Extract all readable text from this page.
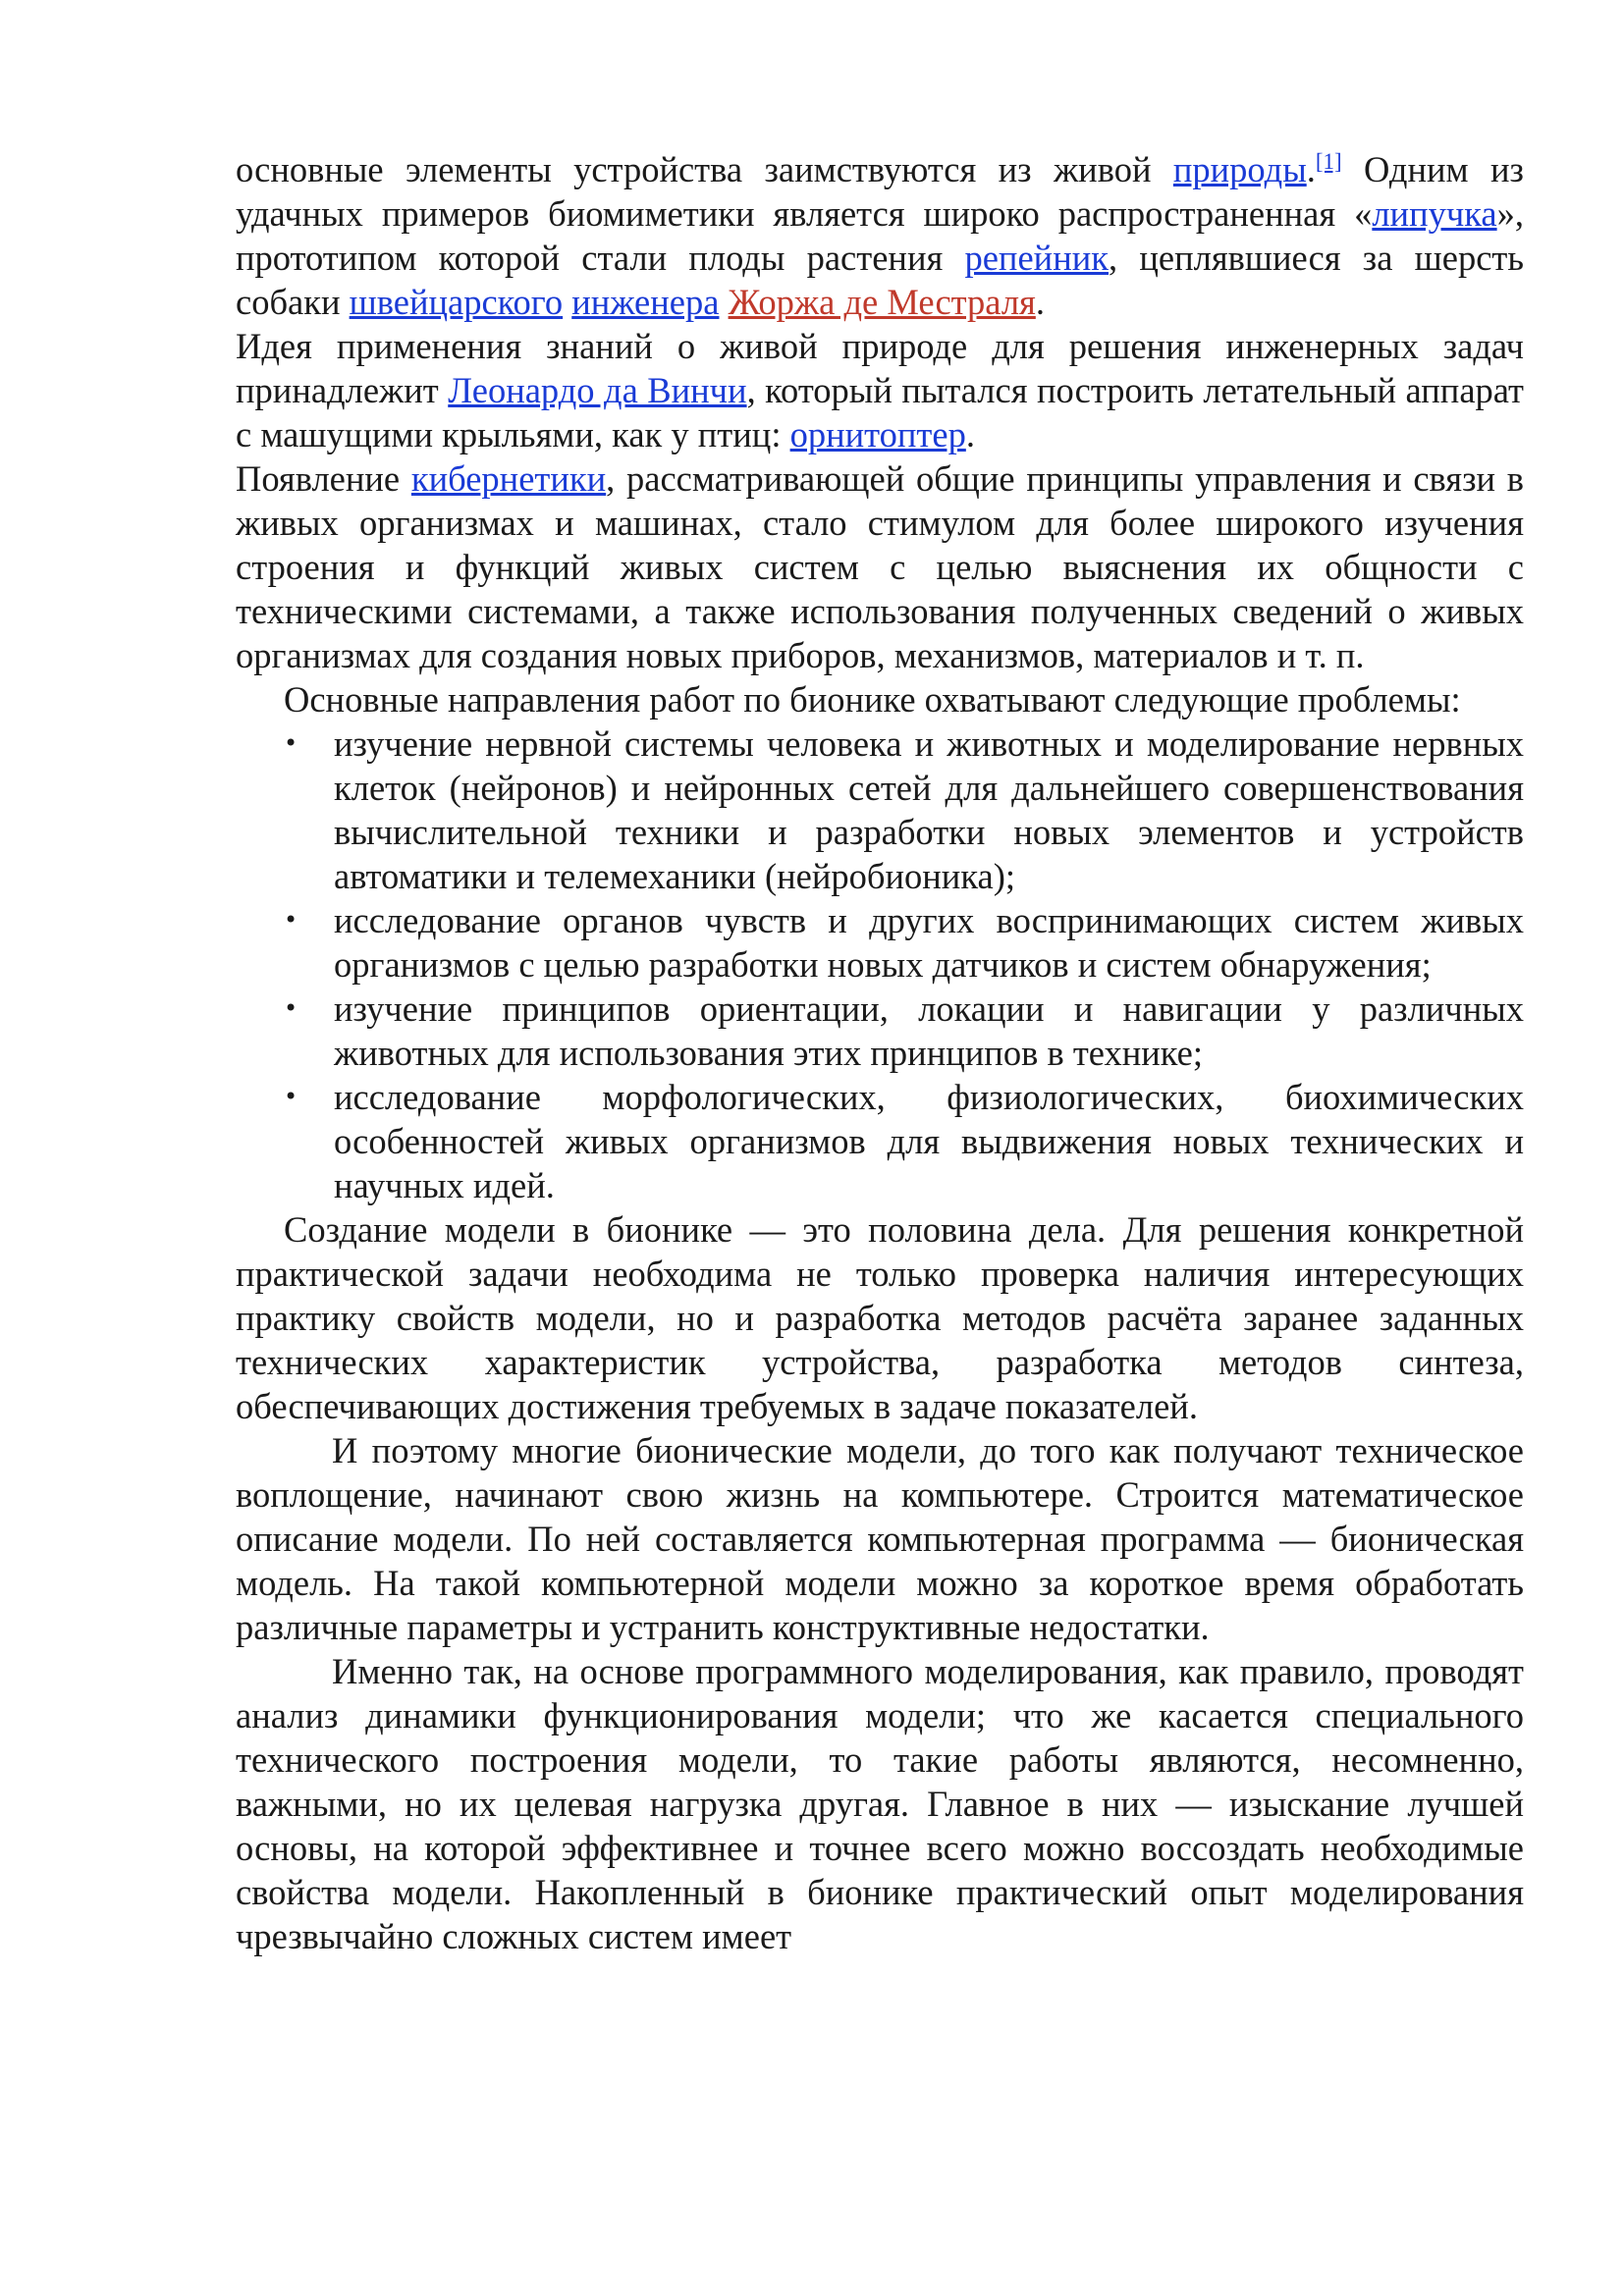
основные элементы устройства заимствуются из живой природы.[1] Одним из удачных примеров биомиметики является широко распространенная «липучка», прототипом которой стали плоды растения репейник, цеплявшиеся за шерсть собаки швейцарского инженера Жоржа де Местраля.

Идея применения знаний о живой природе для решения инженерных задач принадлежит Леонардо да Винчи, который пытался построить летательный аппарат с машущими крыльями, как у птиц: орнитоптер.

Появление кибернетики, рассматривающей общие принципы управления и связи в живых организмах и машинах, стало стимулом для более широкого изучения строения и функций живых систем с целью выяснения их общности с техническими системами, а также использования полученных сведений о живых организмах для создания новых приборов, механизмов, материалов и т. п.

Основные направления работ по бионике охватывают следующие проблемы:

• изучение нервной системы человека и животных и моделирование нервных клеток (нейронов) и нейронных сетей для дальнейшего совершенствования вычислительной техники и разработки новых элементов и устройств автоматики и телемеханики (нейробионика);
• исследование органов чувств и других воспринимающих систем живых организмов с целью разработки новых датчиков и систем обнаружения;
• изучение принципов ориентации, локации и навигации у различных животных для использования этих принципов в технике;
• исследование морфологических, физиологических, биохимических особенностей живых организмов для выдвижения новых технических и научных идей.

Создание модели в бионике — это половина дела. Для решения конкретной практической задачи необходима не только проверка наличия интересующих практику свойств модели, но и разработка методов расчёта заранее заданных технических характеристик устройства, разработка методов синтеза, обеспечивающих достижения требуемых в задаче показателей.

И поэтому многие бионические модели, до того как получают техническое воплощение, начинают свою жизнь на компьютере. Строится математическое описание модели. По ней составляется компьютерная программа — бионическая модель. На такой компьютерной модели можно за короткое время обработать различные параметры и устранить конструктивные недостатки.

Именно так, на основе программного моделирования, как правило, проводят анализ динамики функционирования модели; что же касается специального технического построения модели, то такие работы являются, несомненно, важными, но их целевая нагрузка другая. Главное в них — изыскание лучшей основы, на которой эффективнее и точнее всего можно воссоздать необходимые свойства модели. Накопленный в бионике практический опыт моделирования чрезвычайно сложных систем имеет
